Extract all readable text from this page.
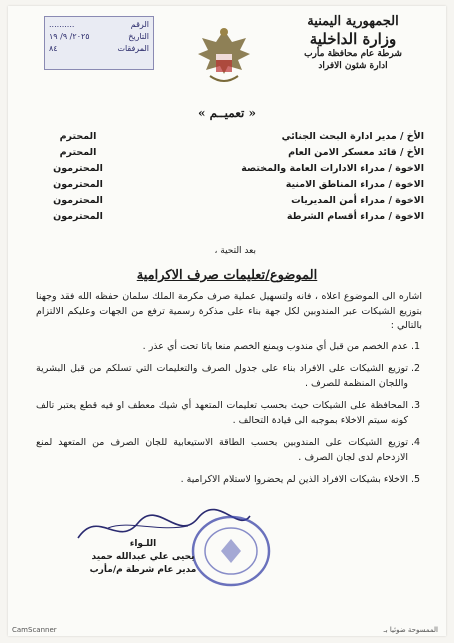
الجمهورية اليمنية
وزارة الداخلية
شرطة عام محافظة مأرب
ادارة شئون الافراد
الرقم
..........
التاريخ
٢٠٢٥/ ٩/ ١٩
المرفقات
٨٤
« تعميــم »
الأخ / مدير ادارة البحث الجنائي
المحترم
الأخ / قائد معسكر الامن العام
المحترم
الاخوة / مدراء الادارات العامة والمختصة
المحترمون
الاخوة / مدراء المناطق الامنية
المحترمون
الاخوة / مدراء أمن المديريات
المحترمون
الاخوة / مدراء أقسام الشرطة
المحترمون
بعد التحية ،
الموضوع/تعليمات صرف الاكرامية

اشاره الى الموضوع اعلاه ، فانه ولتسهيل عملية صرف مكرمة الملك سلمان حفظه الله فقد وجهنا بتوزيع الشيكات عبر المندوبين لكل جهة بناء على مذكرة رسمية ترفع من الجهات وعليكم الالتزام بالتالي :

1. عدم الخصم من قبل أي مندوب ويمنع الخصم منعا باتا تحت أي عذر .
2. توزيع الشيكات على الافراد بناء على جدول الصرف والتعليمات التي تسلكم من قبل البشرية واللجان المنظمة للصرف .
3. المحافظة على الشيكات حيث بحسب تعليمات المتعهد أي شيك معطف او فيه قطع يعتبر تالف كونه سيتم الاخلاء بموجبه الى قيادة التحالف .
4. توزيع الشيكات على المندوبين بحسب الطاقة الاستيعابية للجان الصرف من المتعهد لمنع الازدحام لدى لجان الصرف .
5. الاخلاء بشيكات الافراد الذين لم يحضروا لاستلام الاكرامية .
اللـواء
يحيى علي عبدالله حميد
مدير عام شرطة م/مأرب
CamScanner	الممسوحة ضوئيا بـ
